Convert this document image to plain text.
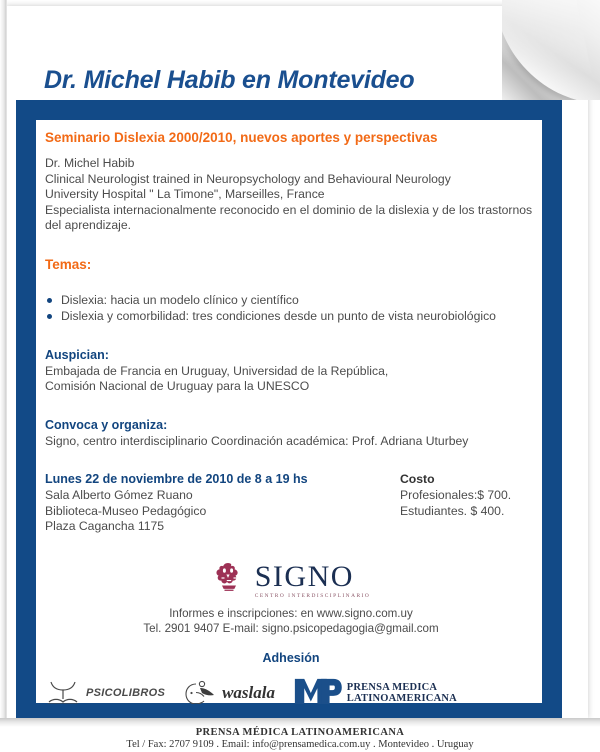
Dr. Michel Habib en Montevideo

Seminario Dislexia 2000/2010, nuevos aportes y perspectivas

Dr. Michel Habib

Clinical Neurologist trained in Neuropsychology and Behavioural Neurology

University Hospital " La Timone", Marseilles, France

Especialista internacionalmente reconocido en el dominio de la dislexia y de los trastornos del aprendizaje.

Temas:

Dislexia: hacia un modelo clínico y científico
Dislexia y comorbilidad: tres condiciones desde un punto de vista neurobiológico

Auspician:

Embajada de Francia en Uruguay, Universidad de la República,

Comisión Nacional de Uruguay para la UNESCO

Convoca y organiza:

Signo, centro interdisciplinario Coordinación académica: Prof. Adriana Uturbey

Lunes 22 de noviembre de 2010 de 8 a 19 hs

Sala Alberto Gómez Ruano

Biblioteca-Museo Pedagógico

Plaza Cagancha 1175

Costo

Profesionales:$ 700.

Estudiantes. $ 400.

SIGNO
CENTRO INTERDISCIPLINARIO
Informes e inscripciones: en www.signo.com.uy
Tel. 2901 9407 E-mail: signo.psicopedagogia@gmail.com
Adhesión
PSICOLIBROS	waslala	PRENSA MEDICA LATINOAMERICANA
PRENSA MÉDICA LATINOAMERICANA
Tel / Fax: 2707 9109 . Email: info@prensamedica.com.uy . Montevideo . Uruguay
